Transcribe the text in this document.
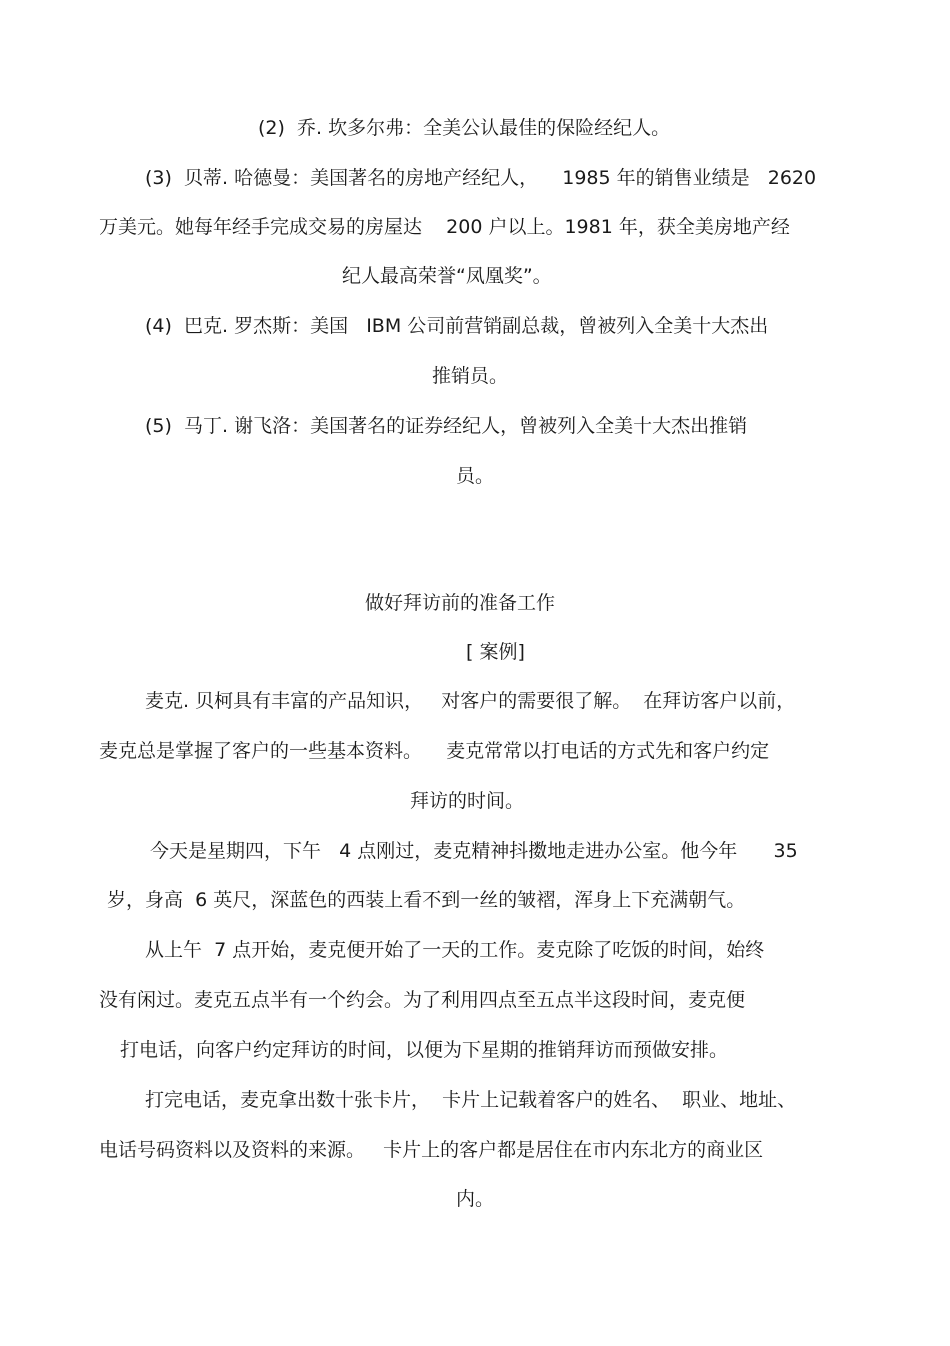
(2)  乔. 坎多尔弗：全美公认最佳的保险经纪人。
(3)  贝蒂. 哈德曼：美国著名的房地产经纪人，    1985 年的销售业绩是   2620
万美元。她每年经手完成交易的房屋达    200 户以上。1981 年，获全美房地产经
纪人最高荣誉“凤凰奖”。
(4)  巴克. 罗杰斯：美国   IBM 公司前营销副总裁，曾被列入全美十大杰出
推销员。
(5)  马丁. 谢飞洛：美国著名的证券经纪人，曾被列入全美十大杰出推销
员。
做好拜访前的准备工作
[ 案例]
麦克. 贝柯具有丰富的产品知识，   对客户的需要很了解。  在拜访客户以前，
麦克总是掌握了客户的一些基本资料。    麦克常常以打电话的方式先和客户约定
拜访的时间。
今天是星期四，下午   4 点刚过，麦克精神抖擞地走进办公室。他今年      35
岁，身高  6 英尺，深蓝色的西装上看不到一丝的皱褶，浑身上下充满朝气。
从上午  7 点开始，麦克便开始了一天的工作。麦克除了吃饭的时间，始终
没有闲过。麦克五点半有一个约会。为了利用四点至五点半这段时间，麦克便
打电话，向客户约定拜访的时间，以便为下星期的推销拜访而预做安排。
打完电话，麦克拿出数十张卡片，  卡片上记载着客户的姓名、  职业、地址、
电话号码资料以及资料的来源。   卡片上的客户都是居住在市内东北方的商业区
内。
